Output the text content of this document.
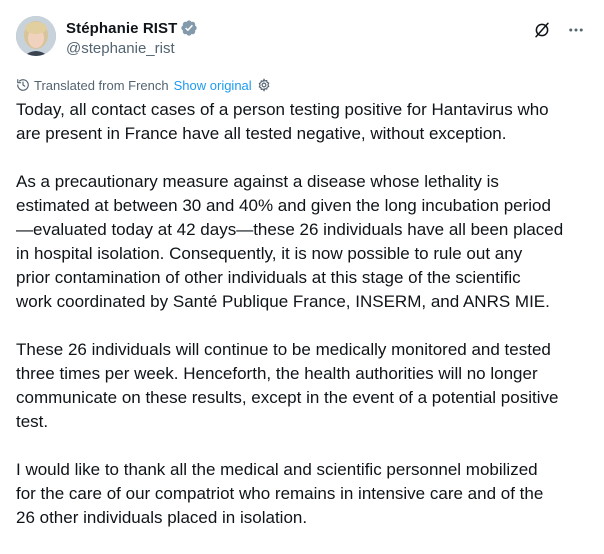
Stéphanie RIST
@stephanie_rist
Translated from French Show original

Today, all contact cases of a person testing positive for Hantavirus who
are present in France have all tested negative, without exception.

As a precautionary measure against a disease whose lethality is
estimated at between 30 and 40% and given the long incubation period
—evaluated today at 42 days—these 26 individuals have all been placed
in hospital isolation. Consequently, it is now possible to rule out any
prior contamination of other individuals at this stage of the scientific
work coordinated by Santé Publique France, INSERM, and ANRS MIE.

These 26 individuals will continue to be medically monitored and tested
three times per week. Henceforth, the health authorities will no longer
communicate on these results, except in the event of a potential positive
test.

I would like to thank all the medical and scientific personnel mobilized
for the care of our compatriot who remains in intensive care and of the
26 other individuals placed in isolation.
